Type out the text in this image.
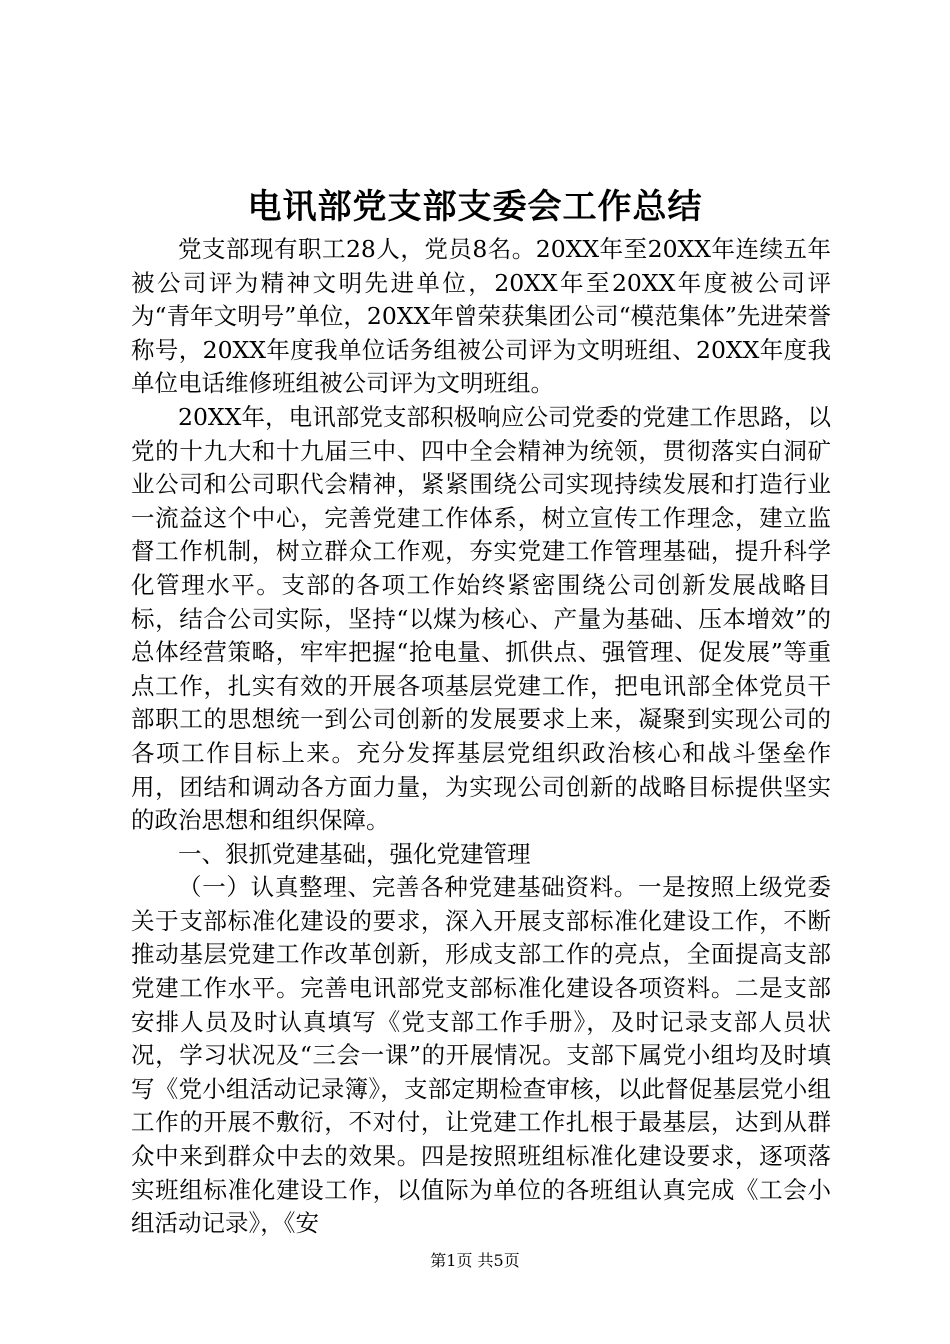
电讯部党支部支委会工作总结

党支部现有职工28人，党员8名。20XX年至20XX年连续五年被公司评为精神文明先进单位，20XX年至20XX年度被公司评为“青年文明号”单位，20XX年曾荣获集团公司“模范集体”先进荣誉称号，20XX年度我单位话务组被公司评为文明班组、20XX年度我单位电话维修班组被公司评为文明班组。

20XX年，电讯部党支部积极响应公司党委的党建工作思路，以党的十九大和十九届三中、四中全会精神为统领，贯彻落实白洞矿业公司和公司职代会精神，紧紧围绕公司实现持续发展和打造行业一流益这个中心，完善党建工作体系，树立宣传工作理念，建立监督工作机制，树立群众工作观，夯实党建工作管理基础，提升科学化管理水平。支部的各项工作始终紧密围绕公司创新发展战略目标，结合公司实际，坚持“以煤为核心、产量为基础、压本增效”的总体经营策略，牢牢把握“抢电量、抓供点、强管理、促发展”等重点工作，扎实有效的开展各项基层党建工作，把电讯部全体党员干部职工的思想统一到公司创新的发展要求上来，凝聚到实现公司的各项工作目标上来。充分发挥基层党组织政治核心和战斗堡垒作用，团结和调动各方面力量，为实现公司创新的战略目标提供坚实的政治思想和组织保障。

一、狠抓党建基础，强化党建管理

（一）认真整理、完善各种党建基础资料。一是按照上级党委关于支部标准化建设的要求，深入开展支部标准化建设工作，不断推动基层党建工作改革创新，形成支部工作的亮点，全面提高支部党建工作水平。完善电讯部党支部标准化建设各项资料。二是支部安排人员及时认真填写《党支部工作手册》，及时记录支部人员状况，学习状况及“三会一课”的开展情况。支部下属党小组均及时填写《党小组活动记录簿》，支部定期检查审核，以此督促基层党小组工作的开展不敷衍，不对付，让党建工作扎根于最基层，达到从群众中来到群众中去的效果。四是按照班组标准化建设要求，逐项落实班组标准化建设工作，以值际为单位的各班组认真完成《工会小组活动记录》，《安

第1页 共5页
